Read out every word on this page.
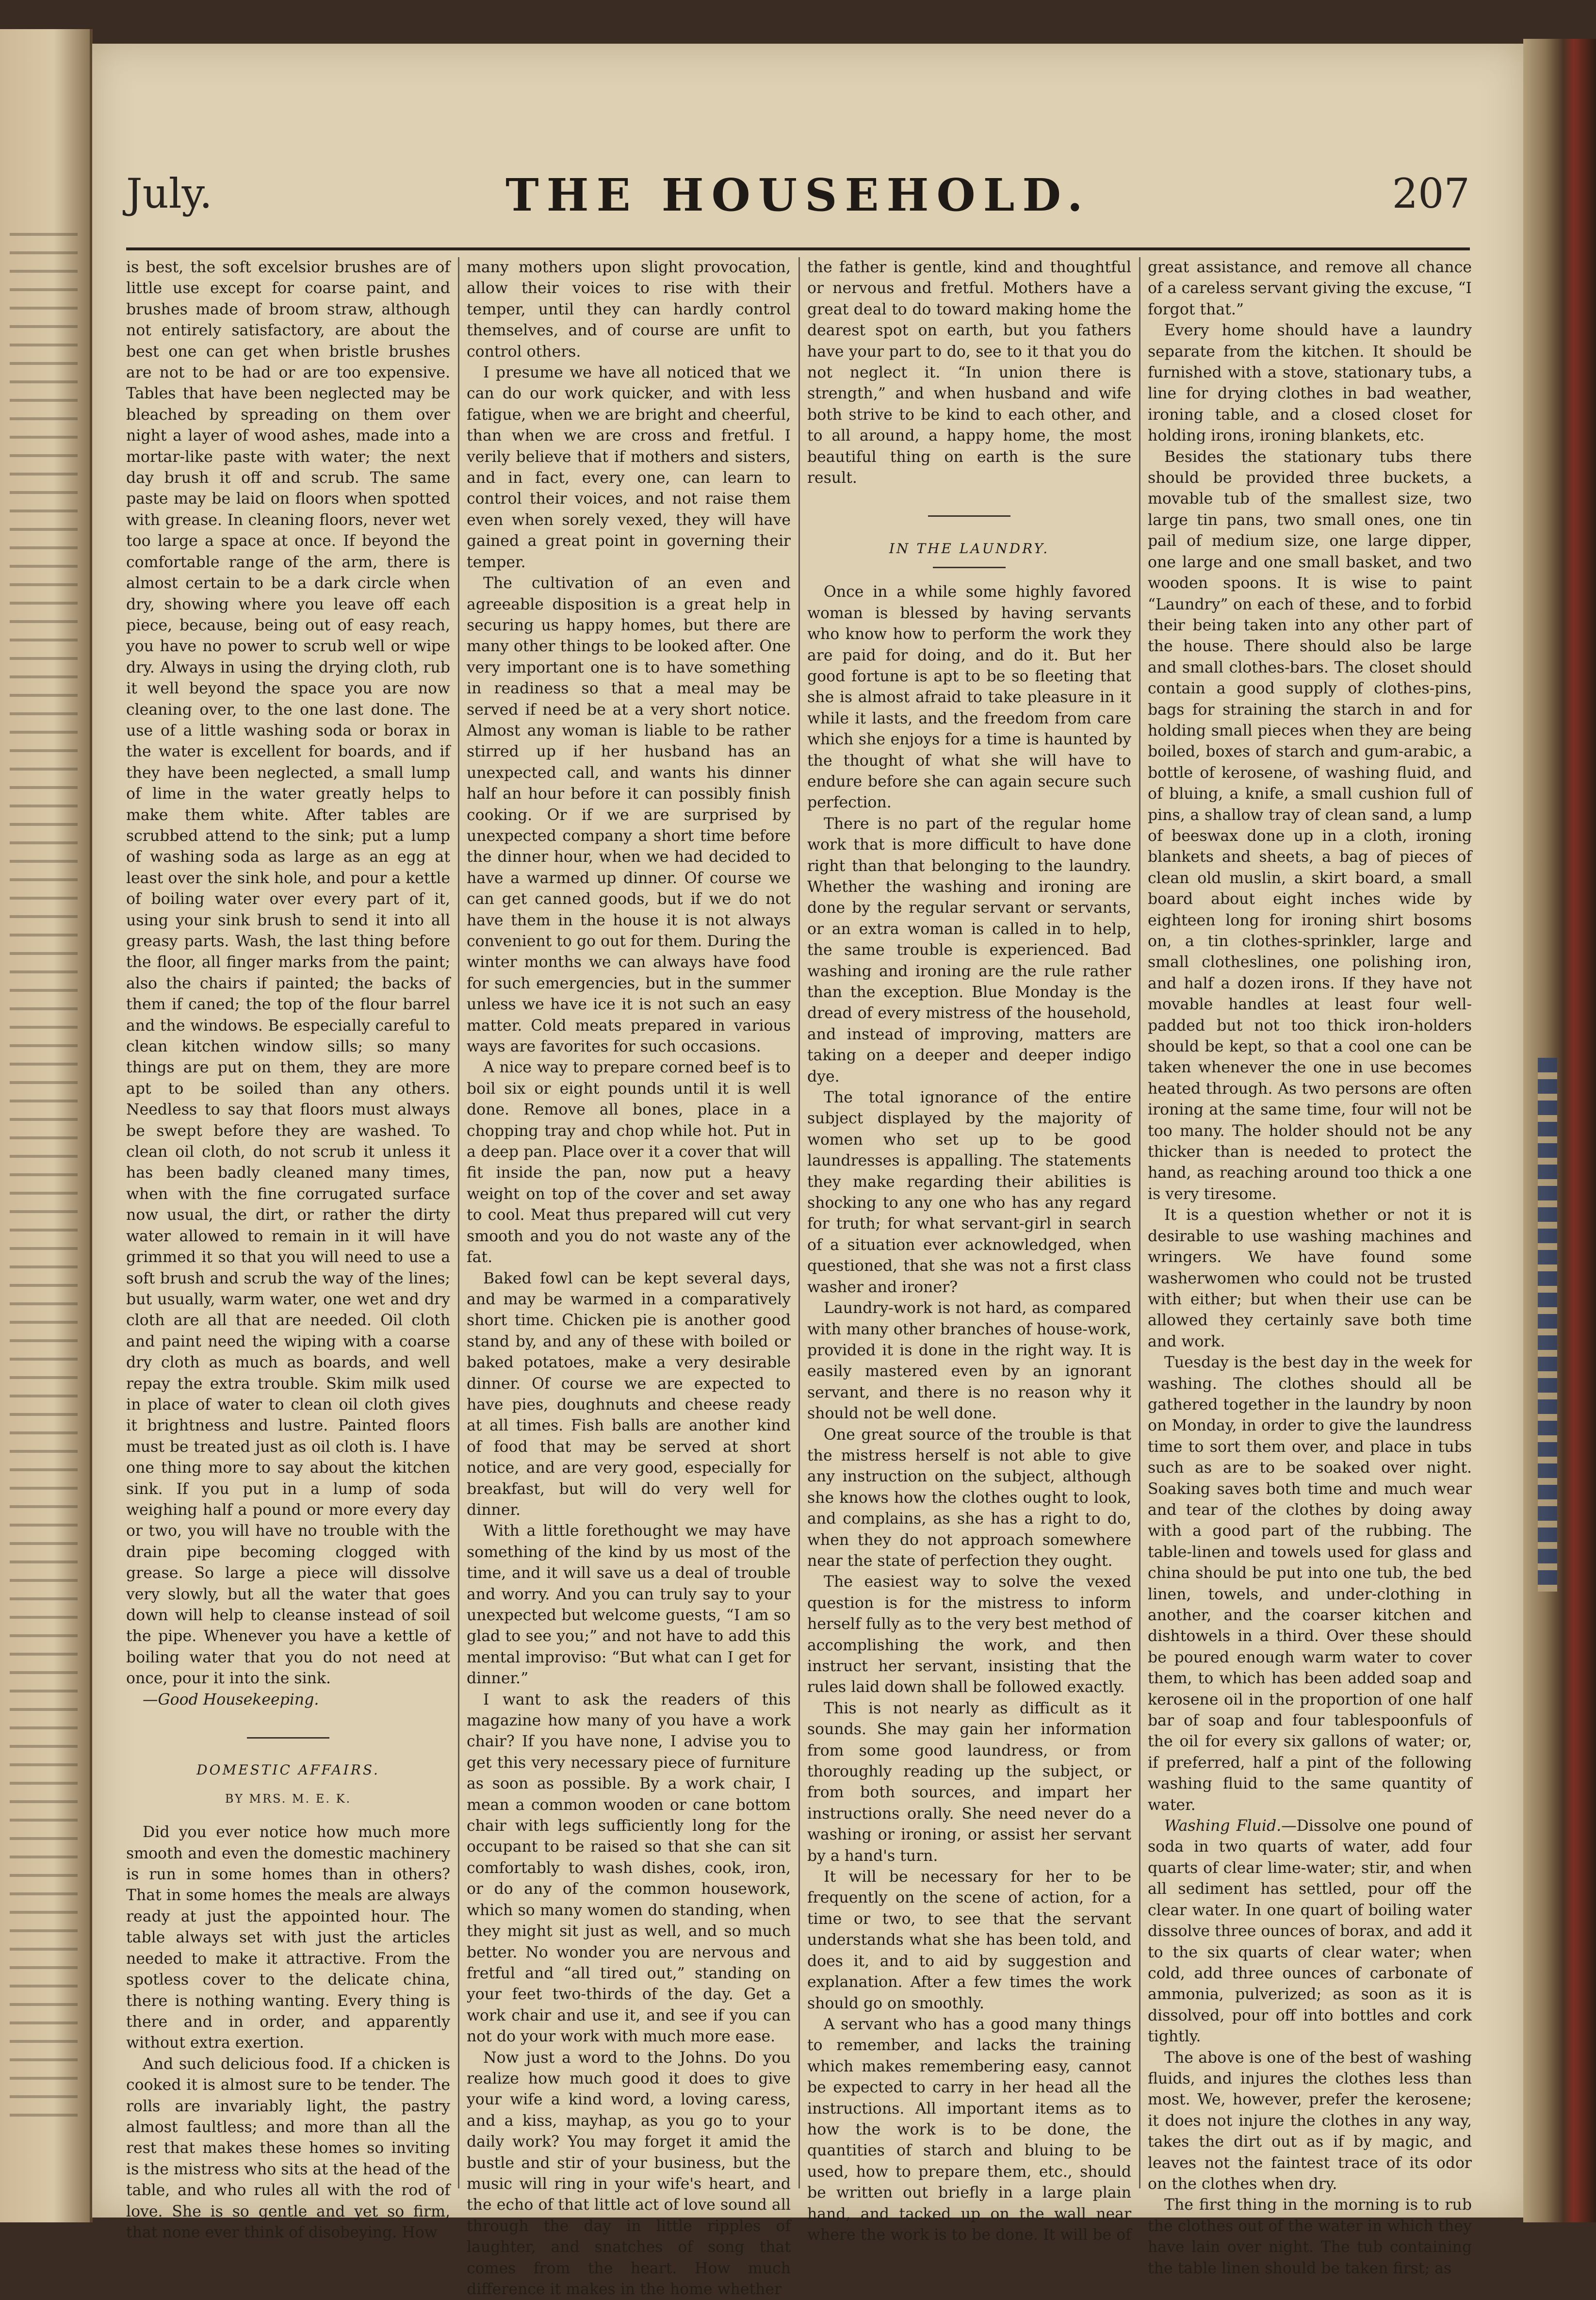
July.	THE HOUSEHOLD.	207

is best, the soft excelsior brushes are of little use except for coarse paint, and brushes made of broom straw, although not entirely satisfactory, are about the best one can get when bristle brushes are not to be had or are too expensive. Tables that have been neglected may be bleached by spreading on them over night a layer of wood ashes, made into a mortar-like paste with water; the next day brush it off and scrub. The same paste may be laid on floors when spotted with grease. In cleaning floors, never wet too large a space at once. If beyond the comfortable range of the arm, there is almost certain to be a dark circle when dry, showing where you leave off each piece, because, being out of easy reach, you have no power to scrub well or wipe dry. Always in using the drying cloth, rub it well beyond the space you are now cleaning over, to the one last done. The use of a little washing soda or borax in the water is excellent for boards, and if they have been neglected, a small lump of lime in the water greatly helps to make them white. After tables are scrubbed attend to the sink; put a lump of washing soda as large as an egg at least over the sink hole, and pour a kettle of boiling water over every part of it, using your sink brush to send it into all greasy parts. Wash, the last thing before the floor, all finger marks from the paint; also the chairs if painted; the backs of them if caned; the top of the flour barrel and the windows. Be especially careful to clean kitchen window sills; so many things are put on them, they are more apt to be soiled than any others. Needless to say that floors must always be swept before they are washed. To clean oil cloth, do not scrub it unless it has been badly cleaned many times, when with the fine corrugated surface now usual, the dirt, or rather the dirty water allowed to remain in it will have grimmed it so that you will need to use a soft brush and scrub the way of the lines; but usually, warm water, one wet and dry cloth are all that are needed. Oil cloth and paint need the wiping with a coarse dry cloth as much as boards, and well repay the extra trouble. Skim milk used in place of water to clean oil cloth gives it brightness and lustre. Painted floors must be treated just as oil cloth is. I have one thing more to say about the kitchen sink. If you put in a lump of soda weighing half a pound or more every day or two, you will have no trouble with the drain pipe becoming clogged with grease. So large a piece will dissolve very slowly, but all the water that goes down will help to cleanse instead of soil the pipe. Whenever you have a kettle of boiling water that you do not need at once, pour it into the sink.

—Good Housekeeping.

DOMESTIC AFFAIRS.
BY MRS. M. E. K.

Did you ever notice how much more smooth and even the domestic machinery is run in some homes than in others? That in some homes the meals are always ready at just the appointed hour. The table always set with just the articles needed to make it attractive. From the spotless cover to the delicate china, there is nothing wanting. Every thing is there and in order, and apparently without extra exertion.

And such delicious food. If a chicken is cooked it is almost sure to be tender. The rolls are invariably light, the pastry almost faultless; and more than all the rest that makes these homes so inviting is the mistress who sits at the head of the table, and who rules all with the rod of love. She is so gentle and yet so firm, that none ever think of disobeying. How

many mothers upon slight provocation, allow their voices to rise with their temper, until they can hardly control themselves, and of course are unfit to control others.

I presume we have all noticed that we can do our work quicker, and with less fatigue, when we are bright and cheerful, than when we are cross and fretful. I verily believe that if mothers and sisters, and in fact, every one, can learn to control their voices, and not raise them even when sorely vexed, they will have gained a great point in governing their temper.

The cultivation of an even and agreeable disposition is a great help in securing us happy homes, but there are many other things to be looked after. One very important one is to have something in readiness so that a meal may be served if need be at a very short notice. Almost any woman is liable to be rather stirred up if her husband has an unexpected call, and wants his dinner half an hour before it can possibly finish cooking. Or if we are surprised by unexpected company a short time before the dinner hour, when we had decided to have a warmed up dinner. Of course we can get canned goods, but if we do not have them in the house it is not always convenient to go out for them. During the winter months we can always have food for such emergencies, but in the summer unless we have ice it is not such an easy matter. Cold meats prepared in various ways are favorites for such occasions.

A nice way to prepare corned beef is to boil six or eight pounds until it is well done. Remove all bones, place in a chopping tray and chop while hot. Put in a deep pan. Place over it a cover that will fit inside the pan, now put a heavy weight on top of the cover and set away to cool. Meat thus prepared will cut very smooth and you do not waste any of the fat.

Baked fowl can be kept several days, and may be warmed in a comparatively short time. Chicken pie is another good stand by, and any of these with boiled or baked potatoes, make a very desirable dinner. Of course we are expected to have pies, doughnuts and cheese ready at all times. Fish balls are another kind of food that may be served at short notice, and are very good, especially for breakfast, but will do very well for dinner.

With a little forethought we may have something of the kind by us most of the time, and it will save us a deal of trouble and worry. And you can truly say to your unexpected but welcome guests, “I am so glad to see you;” and not have to add this mental improviso: “But what can I get for dinner.”

I want to ask the readers of this magazine how many of you have a work chair? If you have none, I advise you to get this very necessary piece of furniture as soon as possible. By a work chair, I mean a common wooden or cane bottom chair with legs sufficiently long for the occupant to be raised so that she can sit comfortably to wash dishes, cook, iron, or do any of the common housework, which so many women do standing, when they might sit just as well, and so much better. No wonder you are nervous and fretful and “all tired out,” standing on your feet two-thirds of the day. Get a work chair and use it, and see if you can not do your work with much more ease.

Now just a word to the Johns. Do you realize how much good it does to give your wife a kind word, a loving caress, and a kiss, mayhap, as you go to your daily work? You may forget it amid the bustle and stir of your business, but the music will ring in your wife's heart, and the echo of that little act of love sound all through the day in little ripples of laughter, and snatches of song that comes from the heart. How much difference it makes in the home whether

the father is gentle, kind and thoughtful or nervous and fretful. Mothers have a great deal to do toward making home the dearest spot on earth, but you fathers have your part to do, see to it that you do not neglect it. “In union there is strength,” and when husband and wife both strive to be kind to each other, and to all around, a happy home, the most beautiful thing on earth is the sure result.

IN THE LAUNDRY.

Once in a while some highly favored woman is blessed by having servants who know how to perform the work they are paid for doing, and do it. But her good fortune is apt to be so fleeting that she is almost afraid to take pleasure in it while it lasts, and the freedom from care which she enjoys for a time is haunted by the thought of what she will have to endure before she can again secure such perfection.

There is no part of the regular home work that is more difficult to have done right than that belonging to the laundry. Whether the washing and ironing are done by the regular servant or servants, or an extra woman is called in to help, the same trouble is experienced. Bad washing and ironing are the rule rather than the exception. Blue Monday is the dread of every mistress of the household, and instead of improving, matters are taking on a deeper and deeper indigo dye.

The total ignorance of the entire subject displayed by the majority of women who set up to be good laundresses is appalling. The statements they make regarding their abilities is shocking to any one who has any regard for truth; for what servant-girl in search of a situation ever acknowledged, when questioned, that she was not a first class washer and ironer?

Laundry-work is not hard, as compared with many other branches of house-work, provided it is done in the right way. It is easily mastered even by an ignorant servant, and there is no reason why it should not be well done.

One great source of the trouble is that the mistress herself is not able to give any instruction on the subject, although she knows how the clothes ought to look, and complains, as she has a right to do, when they do not approach somewhere near the state of perfection they ought.

The easiest way to solve the vexed question is for the mistress to inform herself fully as to the very best method of accomplishing the work, and then instruct her servant, insisting that the rules laid down shall be followed exactly.

This is not nearly as difficult as it sounds. She may gain her information from some good laundress, or from thoroughly reading up the subject, or from both sources, and impart her instructions orally. She need never do a washing or ironing, or assist her servant by a hand's turn.

It will be necessary for her to be frequently on the scene of action, for a time or two, to see that the servant understands what she has been told, and does it, and to aid by suggestion and explanation. After a few times the work should go on smoothly.

A servant who has a good many things to remember, and lacks the training which makes remembering easy, cannot be expected to carry in her head all the instructions. All important items as to how the work is to be done, the quantities of starch and bluing to be used, how to prepare them, etc., should be written out briefly in a large plain hand, and tacked up on the wall near where the work is to be done. It will be of

great assistance, and remove all chance of a careless servant giving the excuse, “I forgot that.”

Every home should have a laundry separate from the kitchen. It should be furnished with a stove, stationary tubs, a line for drying clothes in bad weather, ironing table, and a closed closet for holding irons, ironing blankets, etc.

Besides the stationary tubs there should be provided three buckets, a movable tub of the smallest size, two large tin pans, two small ones, one tin pail of medium size, one large dipper, one large and one small basket, and two wooden spoons. It is wise to paint “Laundry” on each of these, and to forbid their being taken into any other part of the house. There should also be large and small clothes-bars. The closet should contain a good supply of clothes-pins, bags for straining the starch in and for holding small pieces when they are being boiled, boxes of starch and gum-arabic, a bottle of kerosene, of washing fluid, and of bluing, a knife, a small cushion full of pins, a shallow tray of clean sand, a lump of beeswax done up in a cloth, ironing blankets and sheets, a bag of pieces of clean old muslin, a skirt board, a small board about eight inches wide by eighteen long for ironing shirt bosoms on, a tin clothes-sprinkler, large and small clotheslines, one polishing iron, and half a dozen irons. If they have not movable handles at least four well-padded but not too thick iron-holders should be kept, so that a cool one can be taken whenever the one in use becomes heated through. As two persons are often ironing at the same time, four will not be too many. The holder should not be any thicker than is needed to protect the hand, as reaching around too thick a one is very tiresome.

It is a question whether or not it is desirable to use washing machines and wringers. We have found some washerwomen who could not be trusted with either; but when their use can be allowed they certainly save both time and work.

Tuesday is the best day in the week for washing. The clothes should all be gathered together in the laundry by noon on Monday, in order to give the laundress time to sort them over, and place in tubs such as are to be soaked over night. Soaking saves both time and much wear and tear of the clothes by doing away with a good part of the rubbing. The table-linen and towels used for glass and china should be put into one tub, the bed linen, towels, and under-clothing in another, and the coarser kitchen and dishtowels in a third. Over these should be poured enough warm water to cover them, to which has been added soap and kerosene oil in the proportion of one half bar of soap and four tablespoonfuls of the oil for every six gallons of water; or, if preferred, half a pint of the following washing fluid to the same quantity of water.

Washing Fluid.—Dissolve one pound of soda in two quarts of water, add four quarts of clear lime-water; stir, and when all sediment has settled, pour off the clear water. In one quart of boiling water dissolve three ounces of borax, and add it to the six quarts of clear water; when cold, add three ounces of carbonate of ammonia, pulverized; as soon as it is dissolved, pour off into bottles and cork tightly.

The above is one of the best of washing fluids, and injures the clothes less than most. We, however, prefer the kerosene; it does not injure the clothes in any way, takes the dirt out as if by magic, and leaves not the faintest trace of its odor on the clothes when dry.

The first thing in the morning is to rub the clothes out of the water in which they have lain over night. The tub containing the table linen should be taken first; as
